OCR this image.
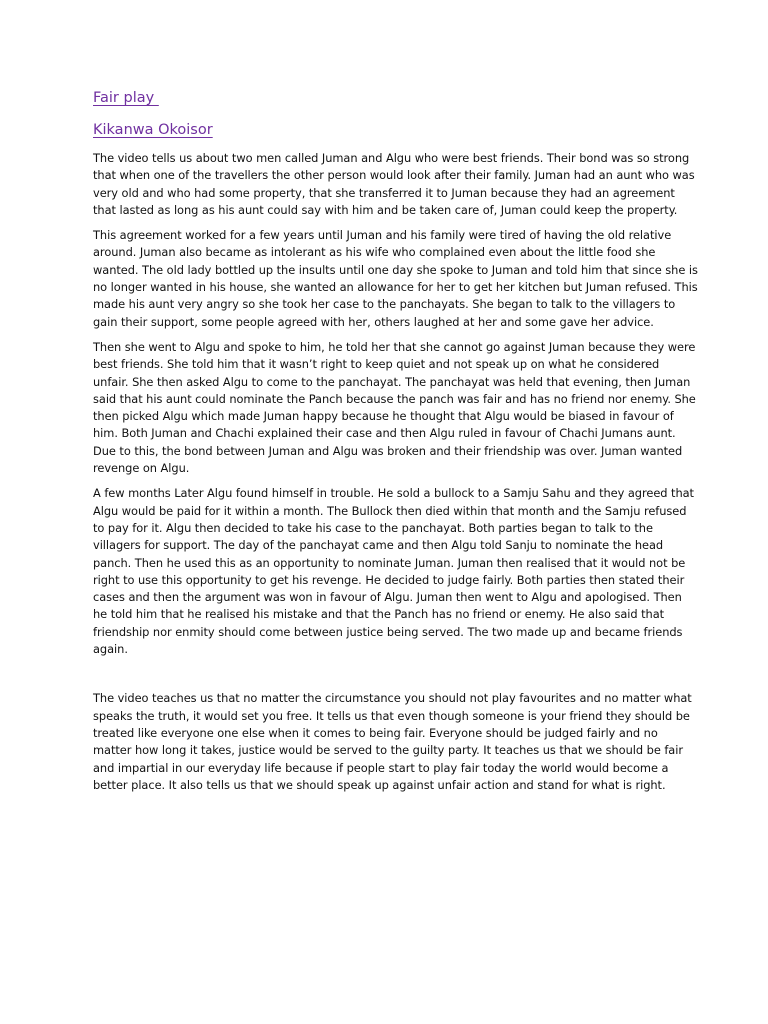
Fair play
Kikanwa Okoisor

The video tells us about two men called Juman and Algu who were best friends. Their bond was so strong that when one of the travellers the other person would look after their family. Juman had an aunt who was very old and who had some property, that she transferred it to Juman because they had an agreement that lasted as long as his aunt could say with him and be taken care of, Juman could keep the property.

This agreement worked for a few years until Juman and his family were tired of having the old relative around. Juman also became as intolerant as his wife who complained even about the little food she wanted. The old lady bottled up the insults until one day she spoke to Juman and told him that since she is no longer wanted in his house, she wanted an allowance for her to get her kitchen but Juman refused. This made his aunt very angry so she took her case to the panchayats. She began to talk to the villagers to gain their support, some people agreed with her, others laughed at her and some gave her advice.

Then she went to Algu and spoke to him, he told her that she cannot go against Juman because they were best friends. She told him that it wasn’t right to keep quiet and not speak up on what he considered unfair. She then asked Algu to come to the panchayat. The panchayat was held that evening, then Juman said that his aunt could nominate the Panch because the panch was fair and has no friend nor enemy. She then picked Algu which made Juman happy because he thought that Algu would be biased in favour of him. Both Juman and Chachi explained their case and then Algu ruled in favour of Chachi Jumans aunt. Due to this, the bond between Juman and Algu was broken and their friendship was over. Juman wanted revenge on Algu.

A few months Later Algu found himself in trouble. He sold a bullock to a Samju Sahu and they agreed that Algu would be paid for it within a month. The Bullock then died within that month and the Samju refused to pay for it. Algu then decided to take his case to the panchayat. Both parties began to talk to the villagers for support. The day of the panchayat came and then Algu told Sanju to nominate the head panch. Then he used this as an opportunity to nominate Juman. Juman then realised that it would not be right to use this opportunity to get his revenge. He decided to judge fairly. Both parties then stated their cases and then the argument was won in favour of Algu. Juman then went to Algu and apologised. Then he told him that he realised his mistake and that the Panch has no friend or enemy. He also said that friendship nor enmity should come between justice being served. The two made up and became friends again.

The video teaches us that no matter the circumstance you should not play favourites and no matter what speaks the truth, it would set you free. It tells us that even though someone is your friend they should be treated like everyone one else when it comes to being fair. Everyone should be judged fairly and no matter how long it takes, justice would be served to the guilty party. It teaches us that we should be fair and impartial in our everyday life because if people start to play fair today the world would become a better place. It also tells us that we should speak up against unfair action and stand for what is right.
